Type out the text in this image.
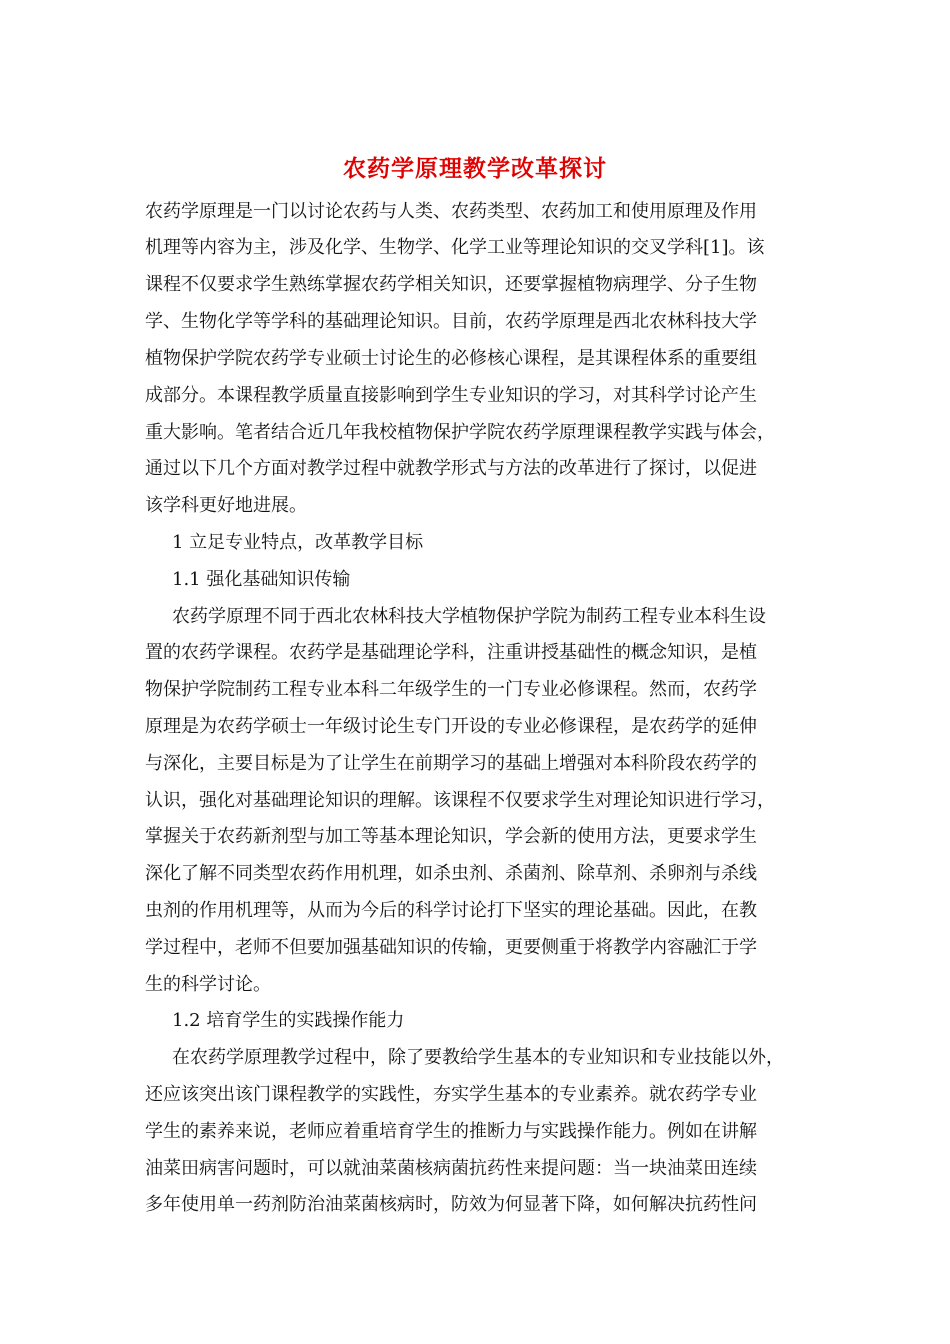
农药学原理教学改革探讨
农药学原理是一门以讨论农药与人类、农药类型、农药加工和使用原理及作用
机理等内容为主，涉及化学、生物学、化学工业等理论知识的交叉学科[1]。该
课程不仅要求学生熟练掌握农药学相关知识，还要掌握植物病理学、分子生物
学、生物化学等学科的基础理论知识。目前，农药学原理是西北农林科技大学
植物保护学院农药学专业硕士讨论生的必修核心课程，是其课程体系的重要组
成部分。本课程教学质量直接影响到学生专业知识的学习，对其科学讨论产生
重大影响。笔者结合近几年我校植物保护学院农药学原理课程教学实践与体会，
通过以下几个方面对教学过程中就教学形式与方法的改革进行了探讨，以促进
该学科更好地进展。
1 立足专业特点，改革教学目标
1.1 强化基础知识传输
农药学原理不同于西北农林科技大学植物保护学院为制药工程专业本科生设
置的农药学课程。农药学是基础理论学科，注重讲授基础性的概念知识，是植
物保护学院制药工程专业本科二年级学生的一门专业必修课程。然而，农药学
原理是为农药学硕士一年级讨论生专门开设的专业必修课程，是农药学的延伸
与深化，主要目标是为了让学生在前期学习的基础上增强对本科阶段农药学的
认识，强化对基础理论知识的理解。该课程不仅要求学生对理论知识进行学习，
掌握关于农药新剂型与加工等基本理论知识，学会新的使用方法，更要求学生
深化了解不同类型农药作用机理，如杀虫剂、杀菌剂、除草剂、杀卵剂与杀线
虫剂的作用机理等，从而为今后的科学讨论打下坚实的理论基础。因此，在教
学过程中，老师不但要加强基础知识的传输，更要侧重于将教学内容融汇于学
生的科学讨论。
1.2 培育学生的实践操作能力
在农药学原理教学过程中，除了要教给学生基本的专业知识和专业技能以外，
还应该突出该门课程教学的实践性，夯实学生基本的专业素养。就农药学专业
学生的素养来说，老师应着重培育学生的推断力与实践操作能力。例如在讲解
油菜田病害问题时，可以就油菜菌核病菌抗药性来提问题：当一块油菜田连续
多年使用单一药剂防治油菜菌核病时，防效为何显著下降，如何解决抗药性问
